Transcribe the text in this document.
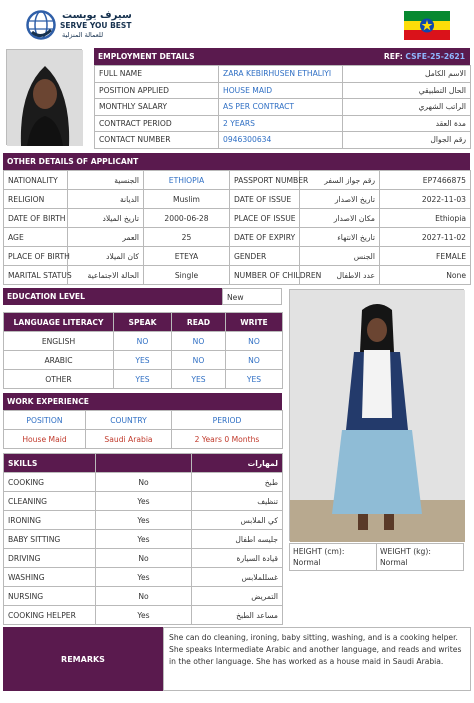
سيرف يوبست
SERVE YOU BEST
للعمالة المنزلية
EMPLOYMENT DETAILS	REF: CSFE-25-2621
FULL NAME	ZARA KEBIRHUSEN ETHALIYI	الاسم الكامل
POSITION APPLIED	HOUSE MAID	الحال التطبيقي
MONTHLY SALARY	AS PER CONTRACT	الراتب الشهري
CONTRACT PERIOD	2 YEARS	مدة العقد
CONTACT NUMBER	0946300634	رقم الجوال
OTHER DETAILS OF APPLICANT
NATIONALITY	الجنسية	ETHIOPIA	PASSPORT NUMBER	رقم جواز السفر	EP7466875
RELIGION	الديانة	Muslim	DATE OF ISSUE	تاريخ الاصدار	2022-11-03
DATE OF BIRTH	تاريخ الميلاد	2000-06-28	PLACE OF ISSUE	مكان الاصدار	Ethiopia
AGE	العمر	25	DATE OF EXPIRY	تاريخ الانتهاء	2027-11-02
PLACE OF BIRTH	كان الميلاد	ETEYA	GENDER	الجنس	FEMALE
MARITAL STATUS	الحالة الاجتماعية	Single	NUMBER OF CHILDREN	عدد الاطفال	None
EDUCATION LEVEL	New
LANGUAGE LITERACY	SPEAK	READ	WRITE
ENGLISH	NO	NO	NO
ARABIC	YES	NO	NO
OTHER	YES	YES	YES
WORK EXPERIENCE
POSITION	COUNTRY	PERIOD
House Maid	Saudi Arabia	2 Years 0 Months
SKILLS		لمهارات
COOKING	No	طبخ
CLEANING	Yes	تنظيف
IRONING	Yes	كي الملابس
BABY SITTING	Yes	جليسه اطفال
DRIVING	No	قيادة السيارة
WASHING	Yes	غسللملابس
NURSING	No	التمريض
COOKING HELPER	Yes	مساعد الطبخ
HEIGHT (cm):
Normal
WEIGHT (kg):
Normal
REMARKS
She can do cleaning, ironing, baby sitting, washing, and is a cooking helper. She speaks Intermediate Arabic and another language, and reads and writes in the other language. She has worked as a house maid in Saudi Arabia.
